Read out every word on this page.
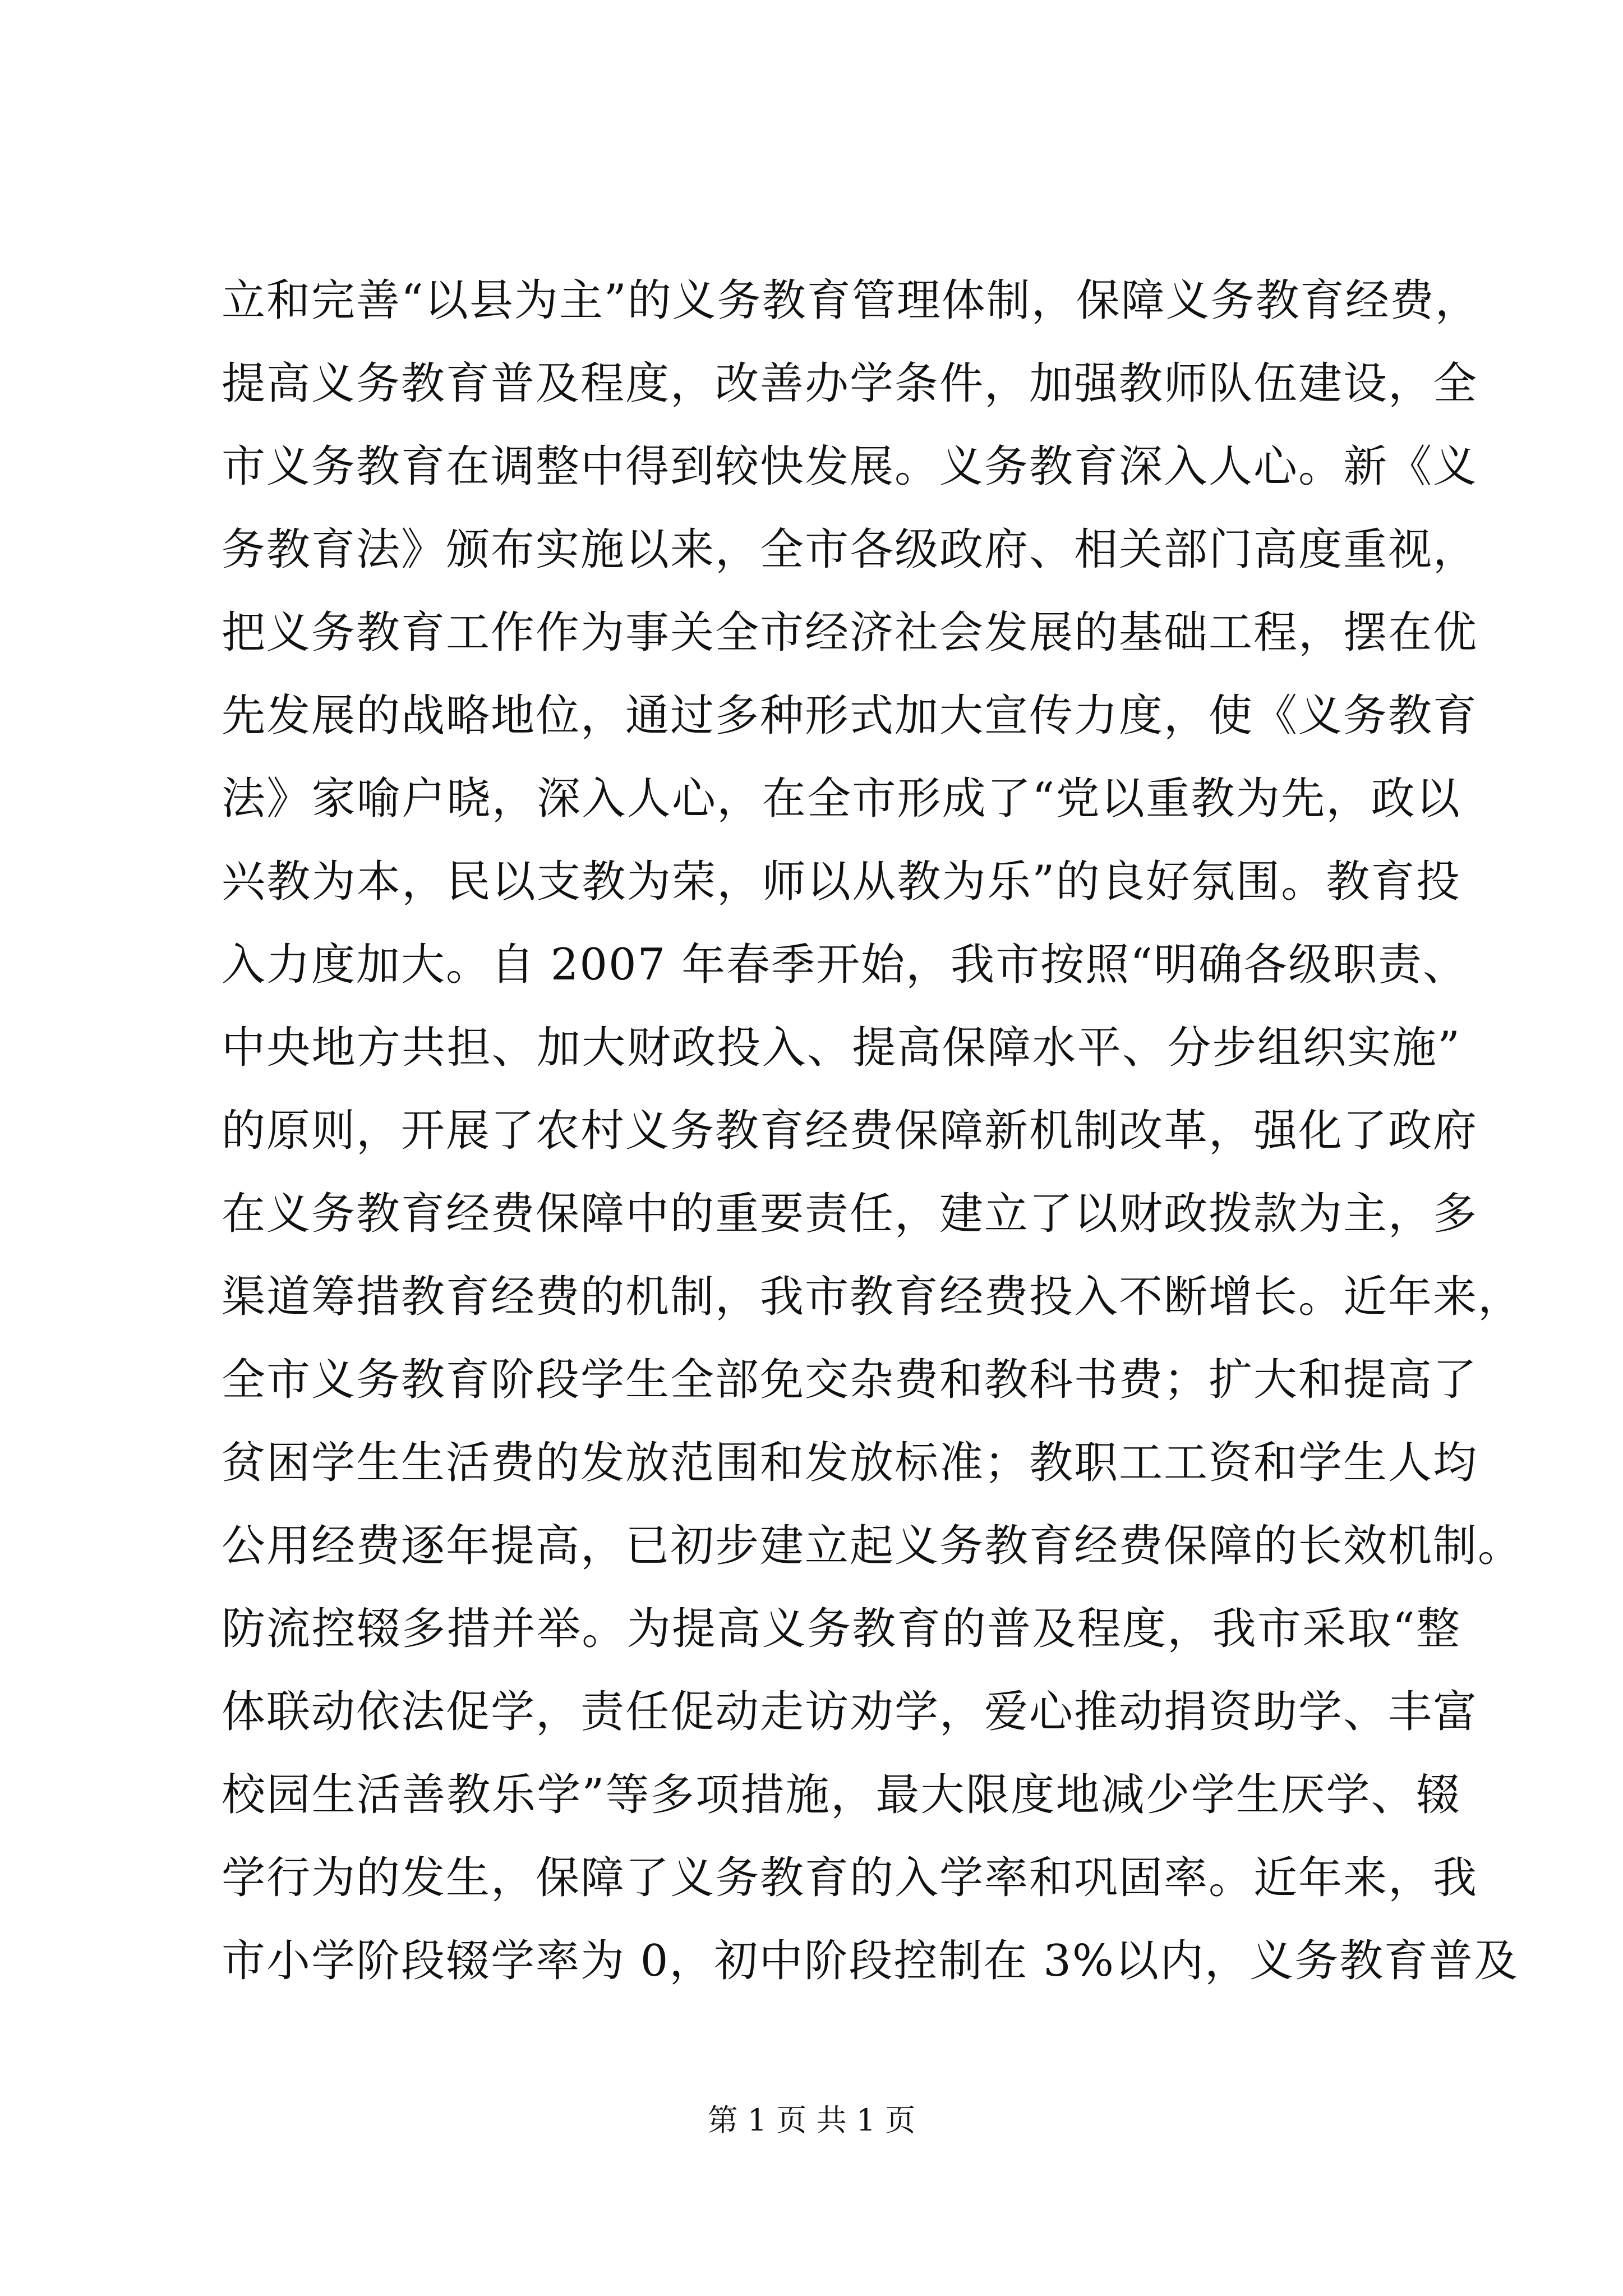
立和完善“以县为主”的义务教育管理体制，保障义务教育经费，
提高义务教育普及程度，改善办学条件，加强教师队伍建设，全
市义务教育在调整中得到较快发展。义务教育深入人心。新《义
务教育法》颁布实施以来，全市各级政府、相关部门高度重视，
把义务教育工作作为事关全市经济社会发展的基础工程，摆在优
先发展的战略地位，通过多种形式加大宣传力度，使《义务教育
法》家喻户晓，深入人心，在全市形成了“党以重教为先，政以
兴教为本，民以支教为荣，师以从教为乐”的良好氛围。教育投
入力度加大。自 2007 年春季开始，我市按照“明确各级职责、
中央地方共担、加大财政投入、提高保障水平、分步组织实施”
的原则，开展了农村义务教育经费保障新机制改革，强化了政府
在义务教育经费保障中的重要责任，建立了以财政拨款为主，多
渠道筹措教育经费的机制，我市教育经费投入不断增长。近年来，
全市义务教育阶段学生全部免交杂费和教科书费；扩大和提高了
贫困学生生活费的发放范围和发放标准；教职工工资和学生人均
公用经费逐年提高，已初步建立起义务教育经费保障的长效机制。
防流控辍多措并举。为提高义务教育的普及程度，我市采取“整
体联动依法促学，责任促动走访劝学，爱心推动捐资助学、丰富
校园生活善教乐学”等多项措施，最大限度地减少学生厌学、辍
学行为的发生，保障了义务教育的入学率和巩固率。近年来，我
市小学阶段辍学率为 0，初中阶段控制在 3%以内，义务教育普及
第 1 页 共 1 页
